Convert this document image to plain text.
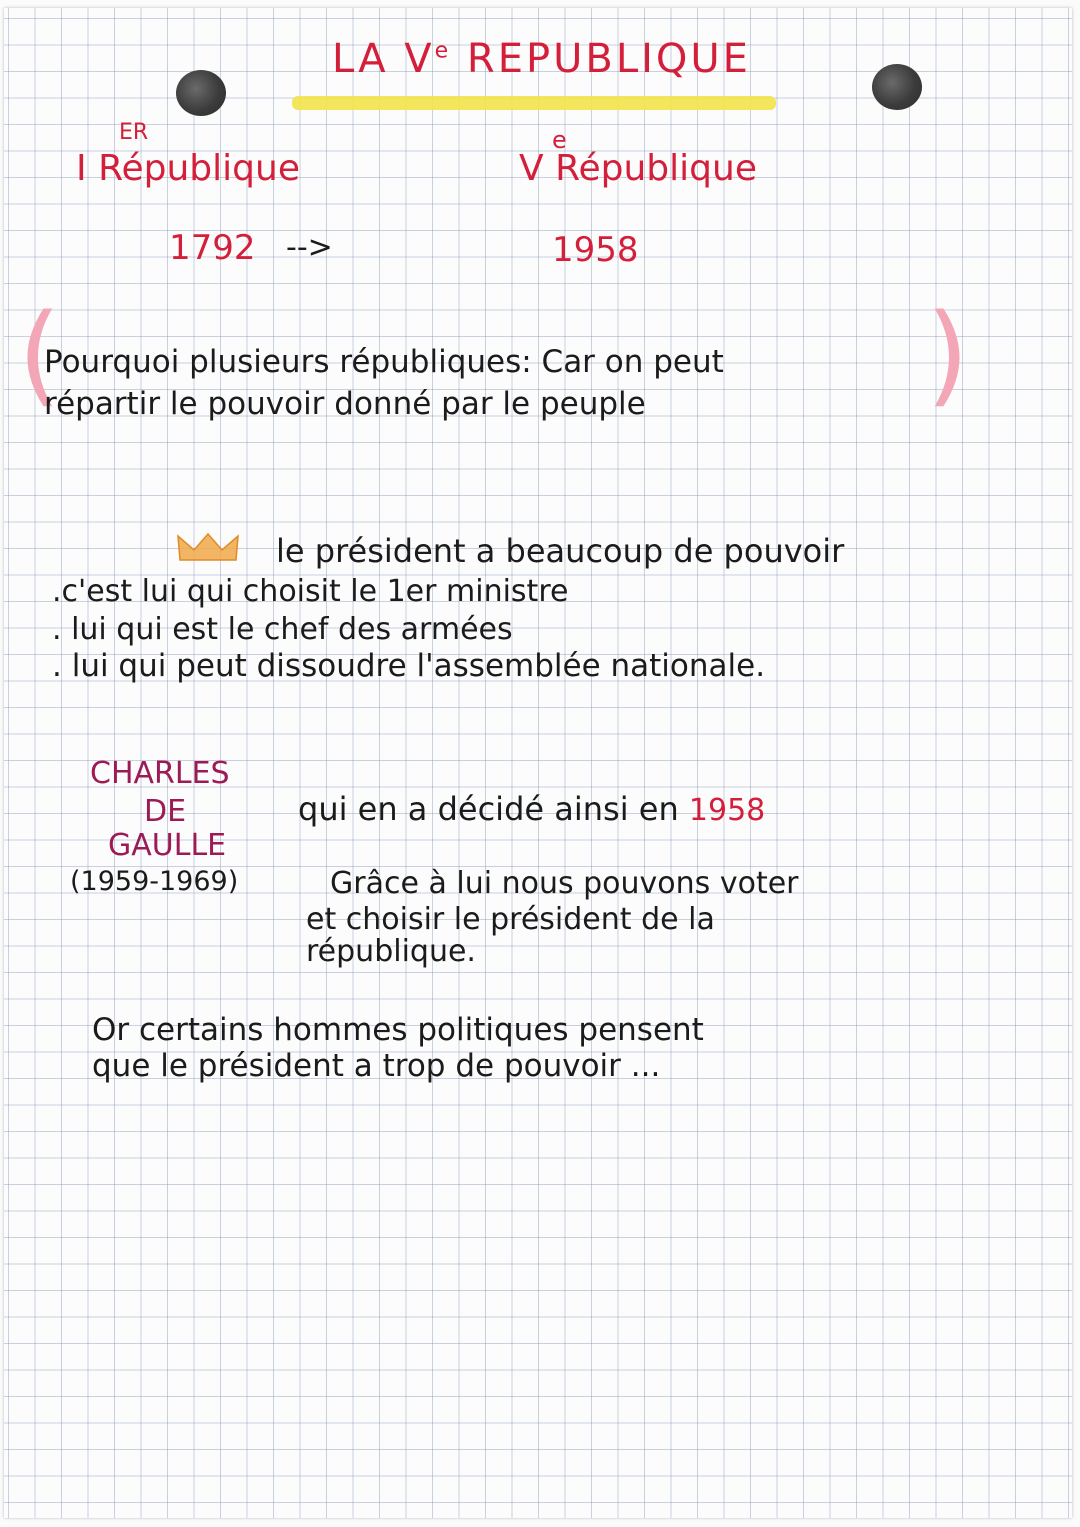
LA Ve REPUBLIQUE
ER
I République
1792 -->
e
V République
1958
(	)
Pourquoi plusieurs républiques: Car on peut
répartir le pouvoir donné par le peuple
le président a beaucoup de pouvoir
.c'est lui qui choisit le 1er ministre
. lui qui est le chef des armées
. lui qui peut dissoudre l'assemblée nationale.
CHARLES
DE
GAULLE
(1959-1969)
qui en a décidé ainsi en 1958
Grâce à lui nous pouvons voter
et choisir le président de la
république.
Or certains hommes politiques pensent
que le président a trop de pouvoir ...
